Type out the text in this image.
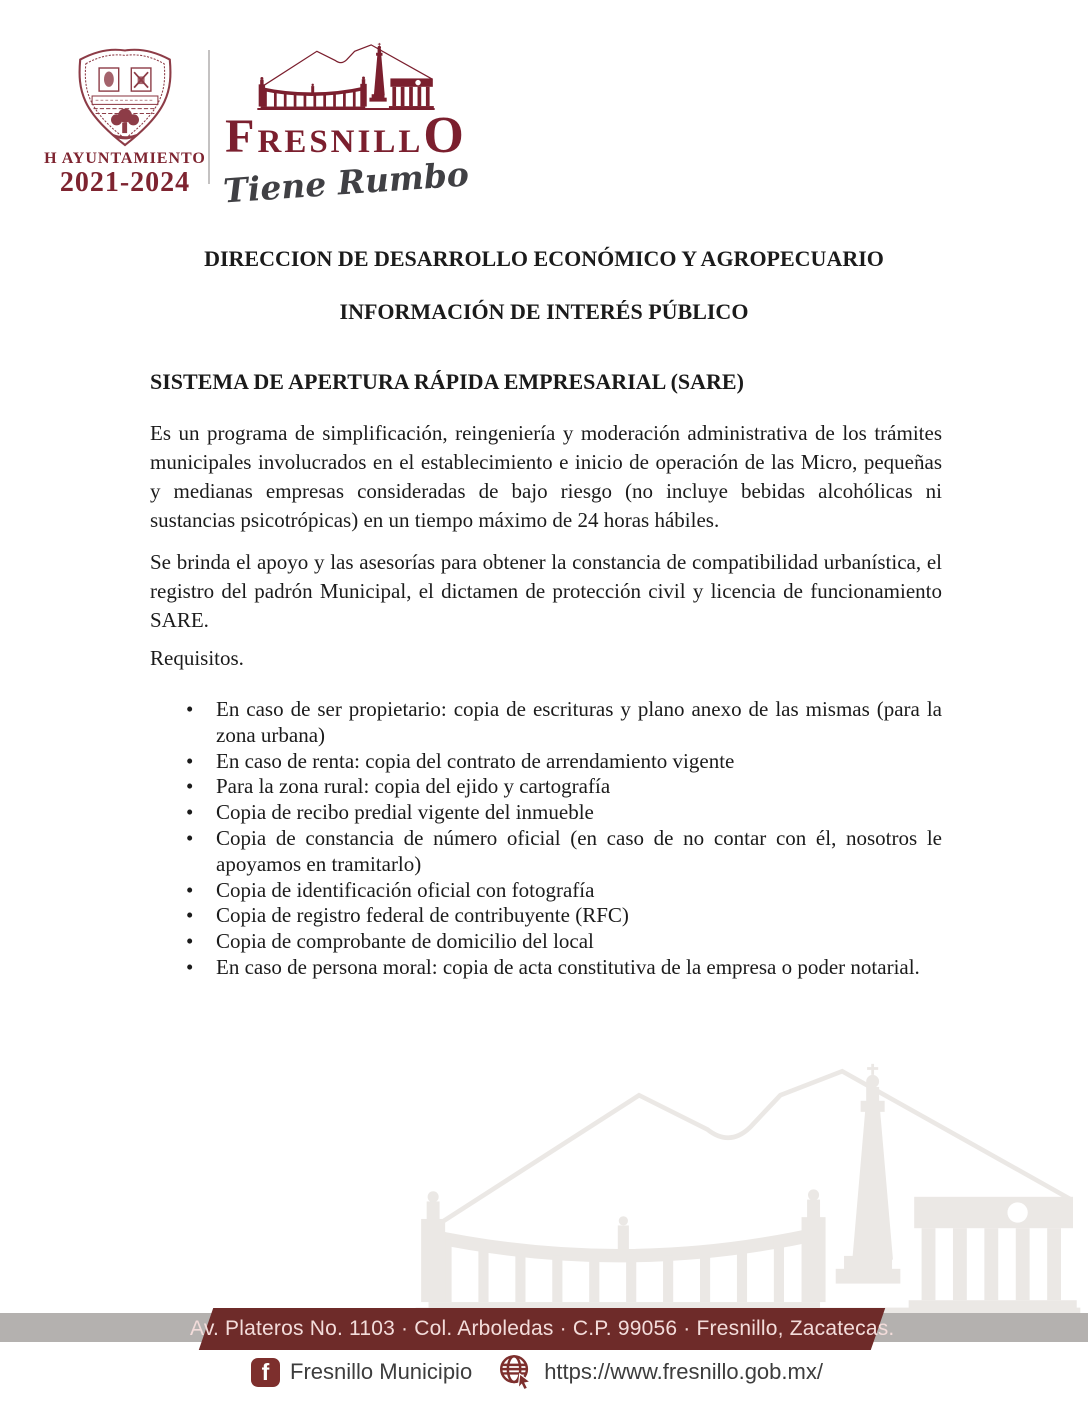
H AYUNTAMIENTO
2021-2024
FRESNILLO
Tiene Rumbo
DIRECCION DE DESARROLLO ECONÓMICO Y AGROPECUARIO
INFORMACIÓN DE INTERÉS PÚBLICO
SISTEMA DE APERTURA RÁPIDA EMPRESARIAL (SARE)

Es un programa de simplificación, reingeniería y moderación administrativa de los trámites municipales involucrados en el establecimiento e inicio de operación de las Micro, pequeñas y medianas empresas consideradas de bajo riesgo (no incluye bebidas alcohólicas ni sustancias psicotrópicas) en un tiempo máximo de 24 horas hábiles.

Se brinda el apoyo y las asesorías para obtener la constancia de compatibilidad urbanística, el registro del padrón Municipal, el dictamen de protección civil y licencia de funcionamiento SARE.

Requisitos.

• En caso de ser propietario: copia de escrituras y plano anexo de las mismas (para la zona urbana)
• En caso de renta: copia del contrato de arrendamiento vigente
• Para la zona rural: copia del ejido y cartografía
• Copia de recibo predial vigente del inmueble
• Copia de constancia de número oficial (en caso de no contar con él, nosotros le apoyamos en tramitarlo)
• Copia de identificación oficial con fotografía
• Copia de registro federal de contribuyente (RFC)
• Copia de comprobante de domicilio del local
• En caso de persona moral: copia de acta constitutiva de la empresa o poder notarial.
Av. Plateros No. 1103 · Col. Arboledas · C.P. 99056 · Fresnillo, Zacatecas.
f Fresnillo Municipio	https://www.fresnillo.gob.mx/
